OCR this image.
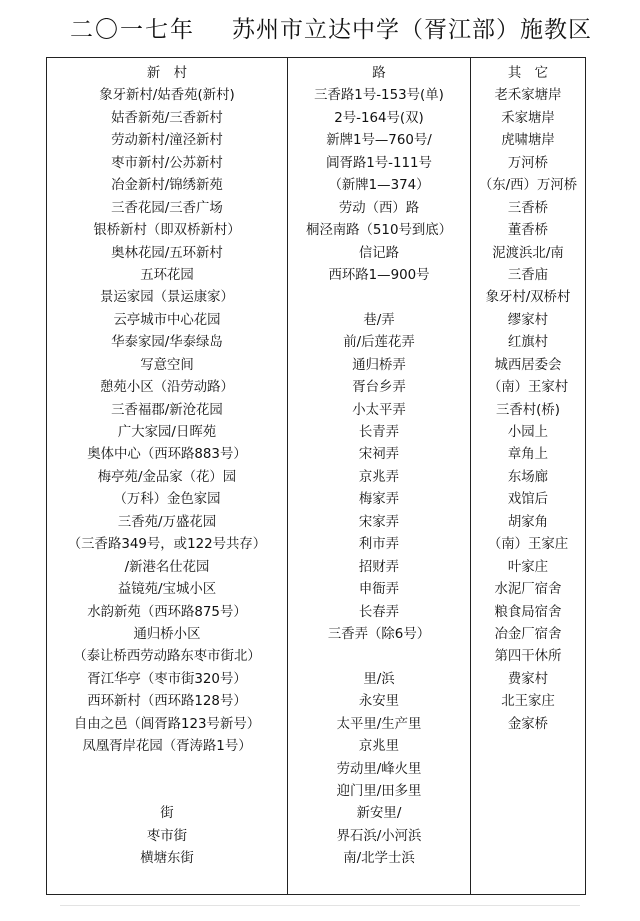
二〇一七年 苏州市立达中学（胥江部）施教区
新　村
象牙新村/姑香苑(新村)
姑香新苑/三香新村
劳动新村/潼泾新村
枣市新村/公苏新村
冶金新村/锦绣新苑
三香花园/三香广场
银桥新村（即双桥新村）
奥林花园/五环新村
五环花园
景运家园（景运康家）
云亭城市中心花园
华泰家园/华泰绿岛
写意空间
憩苑小区（沿劳动路）
三香福郡/新沧花园
广大家园/日晖苑
奥体中心（西环路883号）
梅亭苑/金品家（花）园
（万科）金色家园
三香苑/万盛花园
（三香路349号，或122号共存）
/新港名仕花园
益镜苑/宝城小区
水韵新苑（西环路875号）
通归桥小区
（泰让桥西劳动路东枣市街北）
胥江华亭（枣市街320号）
西环新村（西环路128号）
自由之邑（阊胥路123号新号）
凤凰胥岸花园（胥涛路1号）
街
枣市街
横塘东街
路
三香路1号-153号(单)
2号-164号(双)
新牌1号—760号/
阊胥路1号-111号
（新牌1—374）
劳动（西）路
桐泾南路（510号到底）
信记路
西环路1—900号
巷/弄
前/后莲花弄
通归桥弄
胥台乡弄
小太平弄
长青弄
宋祠弄
京兆弄
梅家弄
宋家弄
利市弄
招财弄
申衙弄
长春弄
三香弄（除6号）
里/浜
永安里
太平里/生产里
京兆里
劳动里/峰火里
迎门里/田多里
新安里/
界石浜/小河浜
南/北学士浜
其　它
老禾家塘岸
禾家塘岸
虎啸塘岸
万河桥
（东/西）万河桥
三香桥
董香桥
泥渡浜北/南
三香庙
象牙村/双桥村
缪家村
红旗村
城西居委会
（南）王家村
三香村(桥)
小园上
章角上
东场廊
戏馆后
胡家角
（南）王家庄
叶家庄
水泥厂宿舍
粮食局宿舍
冶金厂宿舍
第四干休所
费家村
北王家庄
金家桥
